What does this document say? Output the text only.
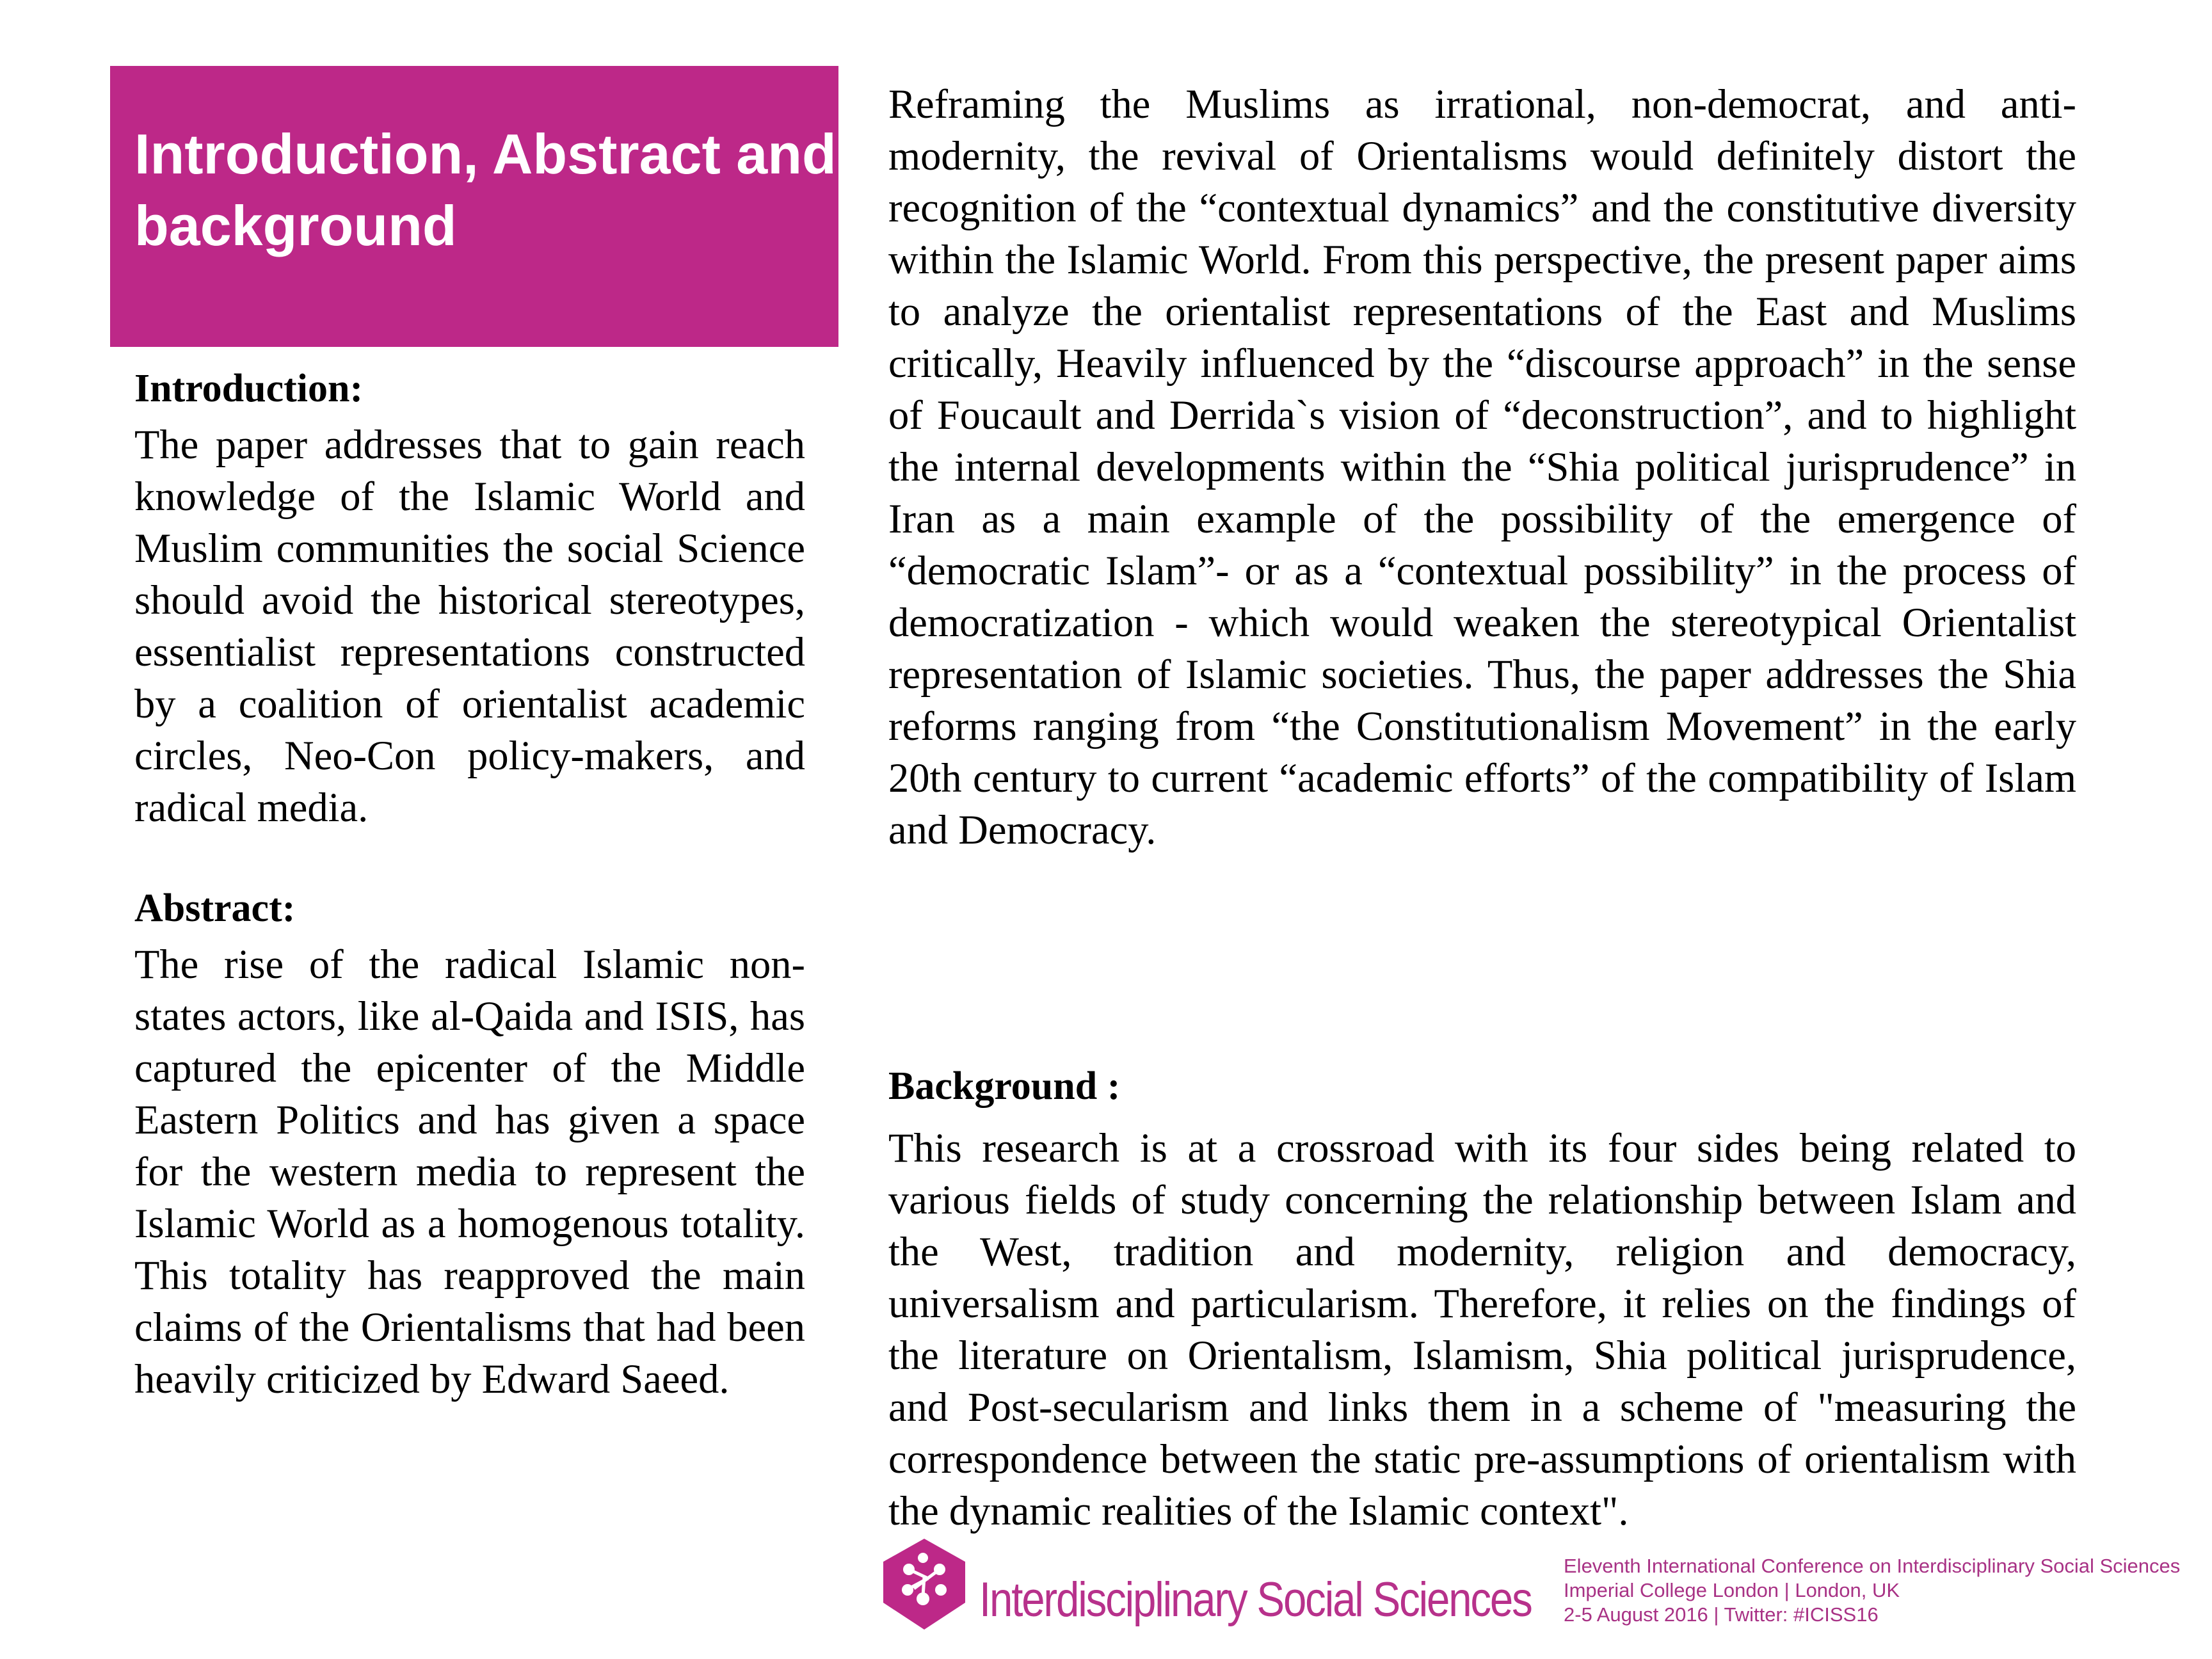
Introduction, Abstract and background
Introduction:

The paper addresses that to gain reach knowledge of the Islamic World and Muslim communities the social Science should avoid the historical stereotypes, essentialist representations constructed by a coalition of orientalist academic circles, Neo-Con policy-makers, and radical media.

Abstract:

The rise of the radical Islamic non-states actors, like al-Qaida and ISIS, has captured the epicenter of the Middle Eastern Politics and has given a space for the western media to represent the Islamic World as a homogenous totality. This totality has reapproved the main claims of the Orientalisms that had been heavily criticized by Edward Saeed.

Reframing the Muslims as irrational, non-democrat, and anti-modernity, the revival of Orientalisms would definitely distort the recognition of the “contextual dynamics” and the constitutive diversity within the Islamic World. From this perspective, the present paper aims to analyze the orientalist representations of the East and Muslims critically, Heavily influenced by the “discourse approach” in the sense of Foucault and Derrida`s vision of “deconstruction”, and to highlight the internal developments within the “Shia political jurisprudence” in Iran as a main example of the possibility of the emergence of “democratic Islam”- or as a “contextual possibility” in the process of democratization - which would weaken the stereotypical Orientalist representation of Islamic societies. Thus, the paper addresses the Shia reforms ranging from “the Constitutionalism Movement” in the early 20th century to current “academic efforts” of the compatibility of Islam and Democracy.

Background :

This research is at a crossroad with its four sides being related to various fields of study concerning the relationship between Islam and the West, tradition and modernity, religion and democracy, universalism and particularism. Therefore, it relies on the findings of the literature on Orientalism, Islamism, Shia political jurisprudence, and Post-secularism and links them in a scheme of "measuring the correspondence between the static pre-assumptions of orientalism with the dynamic realities of the Islamic context".

Interdisciplinary Social Sciences
Eleventh International Conference on Interdisciplinary Social Sciences
Imperial College London | London, UK
2-5 August 2016 | Twitter: #ICISS16
